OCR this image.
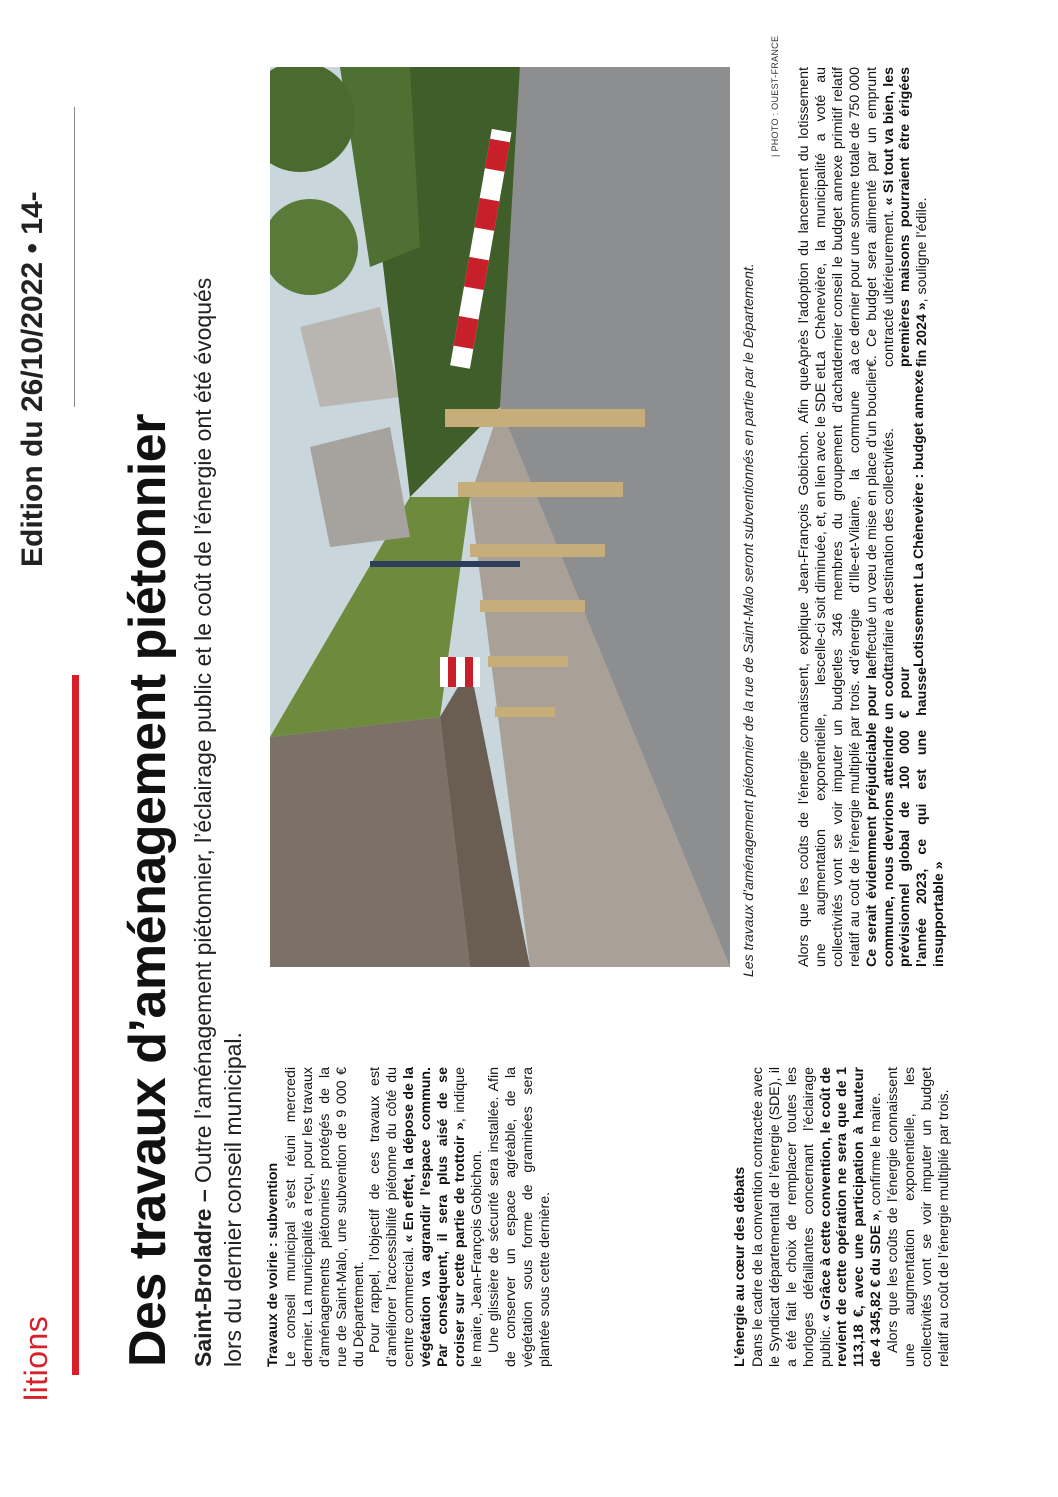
litions
Edition du 26/10/2022 • 14-
Des travaux d’aménagement piétonnier Saint-Broladre – Outre l’aménagement piétonnier, l’éclairage public et le coût de l’énergie ont été évoqués lors du dernier conseil municipal. Travaux de voirie : subvention Le conseil municipal s’est réuni mercredi dernier. La municipalité a reçu, pour les travaux d’aménagements piétonniers protégés de la rue de Saint-Malo, une subvention de 9 000 € du Département. Pour rappel, l’objectif de ces travaux est d’améliorer l’accessibilité piétonne du côté du centre commercial. « En effet, la dépose de la végétation va agrandir l’espace commun. Par conséquent, il sera plus aisé de se croiser sur cette partie de trottoir », indique le maire, Jean-François Gobichon. Une glissière de sécurité sera installée. Afin de conserver un espace agréable, de la végétation sous forme de graminées sera plantée sous cette dernière.	L’énergie au cœur des débats Dans le cadre de la convention contractée avec le Syndicat départemental de l’énergie (SDE), il a été fait le choix de remplacer toutes les horloges défaillantes concernant l’éclairage public. « Grâce à cette convention, le coût de revient de cette opération ne sera que de 1 113,18 €, avec une participation à hauteur de 4 345,82 € du SDE », confirme le maire. Alors que les coûts de l’énergie connaissent une augmentation exponentielle, les collectivités vont se voir imputer un budget relatif au coût de l’énergie multiplié par trois.

Les travaux d’aménagement piétonnier de la rue de Saint-Malo seront subventionnés en partie par le Département.
| PHOTO : OUEST-FRANCE

Alors que les coûts de l’énergie connaissent une augmentation exponentielle, les collectivités vont se voir imputer un budget relatif au coût de l’énergie multiplié par trois. « Ce serait évidemment préjudiciable pour la commune, nous devrions atteindre un coût prévisionnel global de 100 000 € pour l’année 2023, ce qui est une hausse insupportable »

, explique Jean-François Gobichon. Afin que celle-ci soit diminuée, et, en lien avec le SDE et les 346 membres du groupement d’achat d’énergie d’Ille-et-Vilaine, la commune a effectué un vœu de mise en place d’un bouclier tarifaire à destination des collectivités. Lotissement La Chènevière : budget annexe

Après l’adoption du lancement du lotissement La Chènevière, la municipalité a voté au dernier conseil le budget annexe primitif relatif à ce dernier pour une somme totale de 750 000 €. Ce budget sera alimenté par un emprunt contracté ultérieurement. « Si tout va bien, les premières maisons pourraient être érigées fin 2024 », souligne l’édile.
